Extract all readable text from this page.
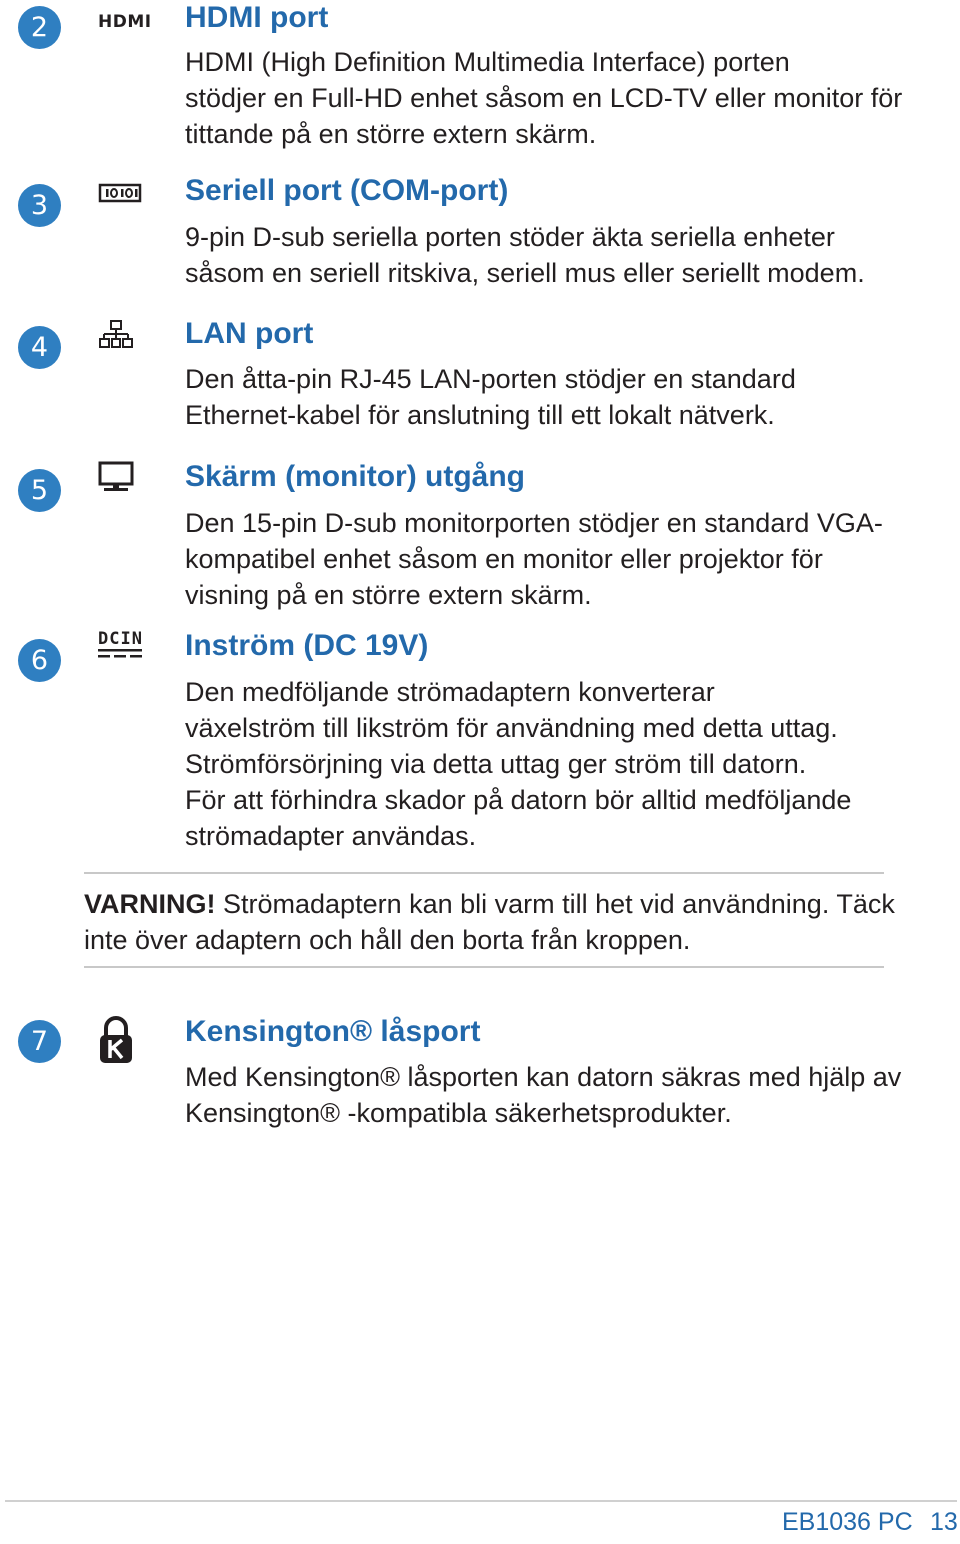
2	HDMI HDMI port

HDMI (High Definition Multimedia Interface) porten
stödjer en Full-HD enhet såsom en LCD-TV eller monitor för
tittande på en större extern skärm.

3	Seriell port (COM-port)

9-pin D-sub seriella porten stöder äkta seriella enheter
såsom en seriell ritskiva, seriell mus eller seriellt modem.

4	LAN port

Den åtta-pin RJ-45 LAN-porten stödjer en standard
Ethernet-kabel för anslutning till ett lokalt nätverk.

5	Skärm (monitor) utgång

Den 15-pin D-sub monitorporten stödjer en standard VGA-
kompatibel enhet såsom en monitor eller projektor för
visning på en större extern skärm.

6
DCIN Inström (DC 19V)

Den medföljande strömadaptern konverterar
växelström till likström för användning med detta uttag.
Strömförsörjning via detta uttag ger ström till datorn.
För att förhindra skador på datorn bör alltid medföljande
strömadapter användas.

VARNING! Strömadaptern kan bli varm till het vid användning. Täck
inte över adaptern och håll den borta från kroppen.

7	Kensington® låsport

Med Kensington® låsporten kan datorn säkras med hjälp av
Kensington® -kompatibla säkerhetsprodukter.

EB1036 PC 13
